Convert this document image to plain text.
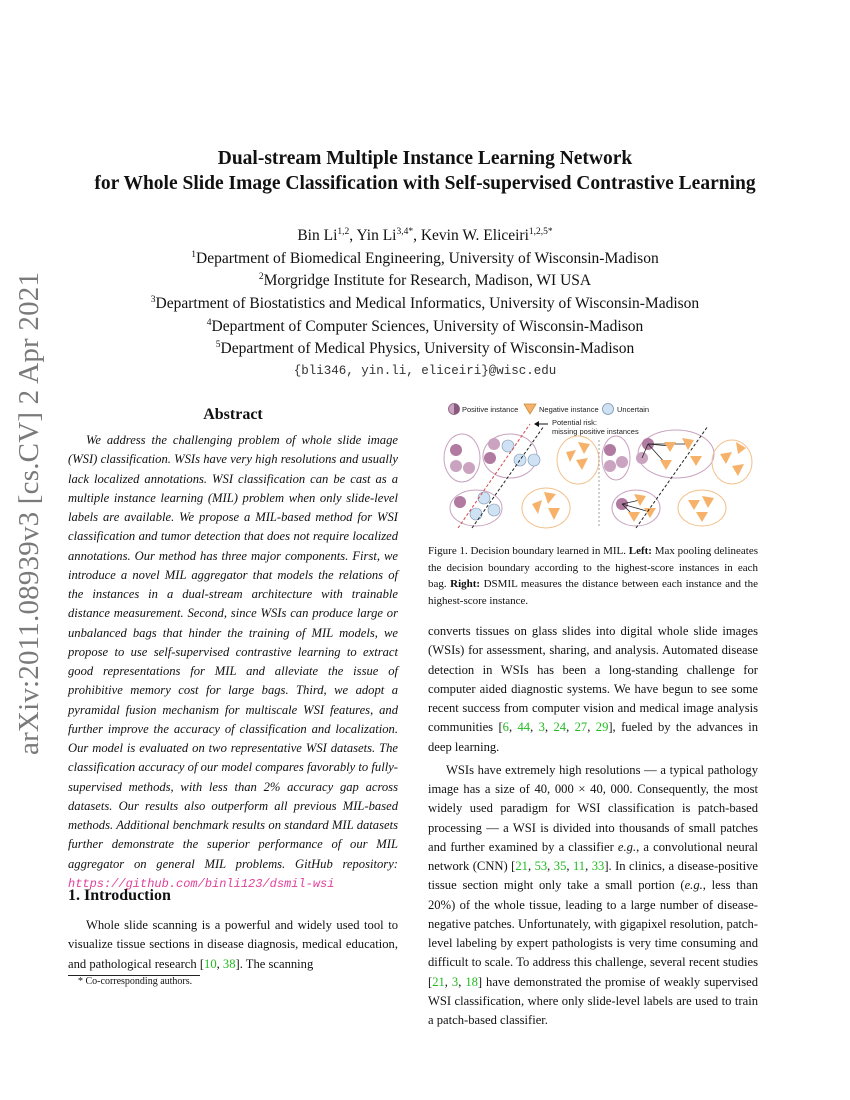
arXiv:2011.08939v3 [cs.CV] 2 Apr 2021
Dual-stream Multiple Instance Learning Network
for Whole Slide Image Classification with Self-supervised Contrastive Learning
Bin Li$^{1,2}$, Yin $Li^{3,4*}$, Kevin W. Eliceiri$^{1,2,5*}$
$^1$Department of Biomedical Engineering, University of Wisconsin-Madison
$^2$Morgridge Institute for Research, Madison, WI USA
$^3$Department of Biostatistics and Medical Informatics, University of Wisconsin-Madison
$^4$Department of Computer Sciences, University of Wisconsin-Madison
$^5$Department of Medical Physics, University of Wisconsin-Madison
{bli346, yin.li, eliceiri}@wisc.edu
Abstract
We address the challenging problem of whole slide image (WSI) classification. WSIs have very high resolutions and usually lack localized annotations. WSI classification can be cast as a multiple instance learning (MIL) problem when only slide-level labels are available. We propose a MIL-based method for WSI classification and tumor detection that does not require localized annotations. Our method has three major components. First, we introduce a novel MIL aggregator that models the relations of the instances in a dual-stream architecture with trainable distance measurement. Second, since WSIs can produce large or unbalanced bags that hinder the training of MIL models, we propose to use self-supervised contrastive learning to extract good representations for MIL and alleviate the issue of prohibitive memory cost for large bags. Third, we adopt a pyramidal fusion mechanism for multiscale WSI features, and further improve the accuracy of classification and localization. Our model is evaluated on two representative WSI datasets. The classification accuracy of our model compares favorably to fully-supervised methods, with less than 2% accuracy gap across datasets. Our results also outperform all previous MIL-based methods. Additional benchmark results on standard MIL datasets further demonstrate the superior performance of our MIL aggregator on general MIL problems. GitHub repository: https://github.com/binli123/dsmil-wsi
1. Introduction
Whole slide scanning is a powerful and widely used tool to visualize tissue sections in disease diagnosis, medical education, and pathological research [10, 38]. The scanning
* Co-corresponding authors.
Positive instance	Negative instance Uncertain
Potential risk:
missing positive instances
Figure 1. Decision boundary learned in MIL. Left: Max pooling delineates the decision boundary according to the highest-score instances in each bag. Right: DSMIL measures the distance between each instance and the highest-score instance.

converts tissues on glass slides into digital whole slide images (WSIs) for assessment, sharing, and analysis. Automated disease detection in WSIs has been a long-standing challenge for computer aided diagnostic systems. We have begun to see some recent success from computer vision and medical image analysis communities [6, 44, 3, 24, 27, 29], fueled by the advances in deep learning.

WSIs have extremely high resolutions — a typical pathology image has a size of 40, 000 × 40, 000. Consequently, the most widely used paradigm for WSI classification is patch-based processing — a WSI is divided into thousands of small patches and further examined by a classifier e.g., a convolutional neural network (CNN) [21, 53, 35, 11, 33]. In clinics, a disease-positive tissue section might only take a small portion (e.g., less than 20%) of the whole tissue, leading to a large number of disease-negative patches. Unfortunately, with gigapixel resolution, patch-level labeling by expert pathologists is very time consuming and difficult to scale. To address this challenge, several recent studies [21, 3, 18] have demonstrated the promise of weakly supervised WSI classification, where only slide-level labels are used to train a patch-based classifier.
